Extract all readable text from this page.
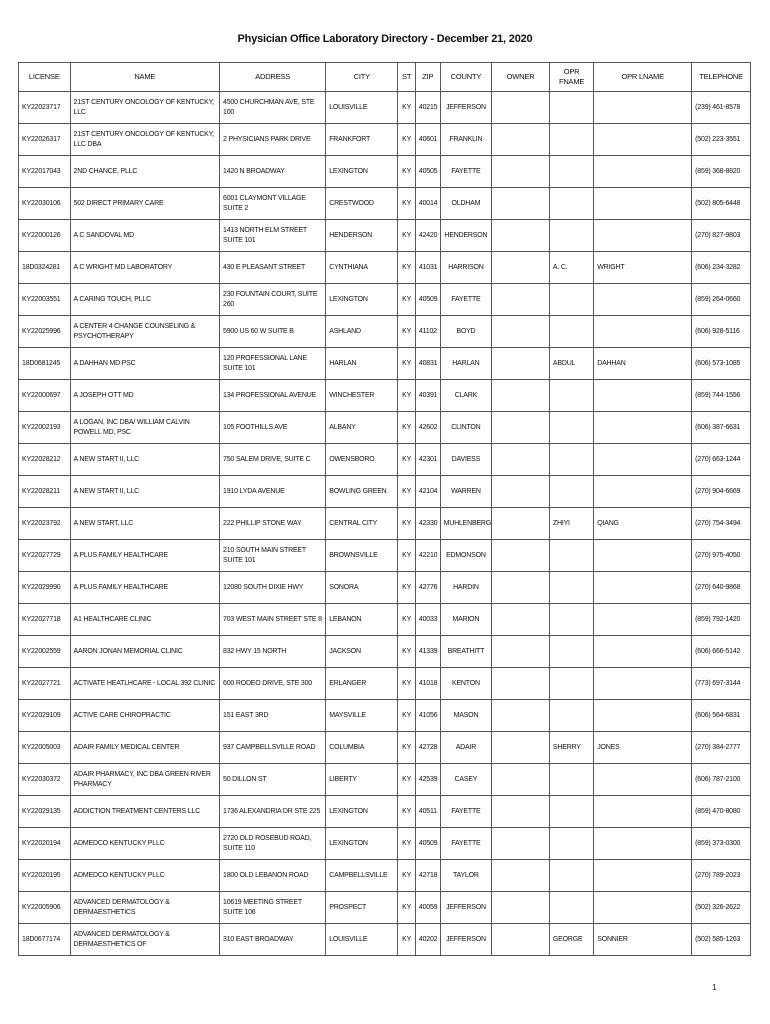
Physician Office Laboratory Directory - December 21, 2020
LICENSE	NAME	ADDRESS	CITY	ST	ZIP	COUNTY	OWNER	OPR FNAME	OPR LNAME	TELEPHONE
KY22023717	21ST CENTURY ONCOLOGY OF KENTUCKY, LLC	4500 CHURCHMAN AVE, STE 100	LOUISVILLE	KY	40215	JEFFERSON				(239) 461-8578
KY22026317	21ST CENTURY ONCOLOGY OF KENTUCKY, LLC DBA	2 PHYSICIANS PARK DRIVE	FRANKFORT	KY	40601	FRANKLIN				(502) 223-3551
KY22017043	2ND CHANCE, PLLC	1420 N BROADWAY	LEXINGTON	KY	40505	FAYETTE				(859) 368-8820
KY22030106	502 DIRECT PRIMARY CARE	6001 CLAYMONT VILLAGE SUITE 2	CRESTWOOD	KY	40014	OLDHAM				(502) 805-6448
KY22000126	A C SANDOVAL MD	1413 NORTH ELM STREET SUITE 101	HENDERSON	KY	42420	HENDERSON				(270) 827-9803
18D0324281	A C WRIGHT MD LABORATORY	430 E PLEASANT STREET	CYNTHIANA	KY	41031	HARRISON		A. C.	WRIGHT	(606) 234-3282
KY22003551	A CARING TOUCH, PLLC	230 FOUNTAIN COURT, SUITE 260	LEXINGTON	KY	40509	FAYETTE				(859) 264-0660
KY22025996	A CENTER 4 CHANGE COUNSELING & PSYCHOTHERAPY	5900 US 60 W SUITE B	ASHLAND	KY	41102	BOYD				(606) 928-5116
18D0681245	A DAHHAN MD PSC	120 PROFESSIONAL LANE SUITE 101	HARLAN	KY	40831	HARLAN		ABDUL	DAHHAN	(606) 573-1085
KY22000697	A JOSEPH OTT MD	134 PROFESSIONAL AVENUE	WINCHESTER	KY	40391	CLARK				(859) 744-1556
KY22002193	A LOGAN, INC DBA/ WILLIAM CALVIN POWELL MD, PSC	105 FOOTHILLS AVE	ALBANY	KY	42602	CLINTON				(606) 387-6631
KY22028212	A NEW START II, LLC	750 SALEM DRIVE, SUITE C	OWENSBORO	KY	42301	DAVIESS				(270) 663-1244
KY22028211	A NEW START II, LLC	1910 LYDA AVENUE	BOWLING GREEN	KY	42104	WARREN				(270) 904-6669
KY22023792	A NEW START, LLC	222 PHILLIP STONE WAY	CENTRAL CITY	KY	42330	MUHLENBERG		ZHIYI	QIANG	(270) 754-3494
KY22027729	A PLUS FAMILY HEALTHCARE	210 SOUTH MAIN STREET SUITE 101	BROWNSVILLE	KY	42210	EDMONSON				(270) 975-4050
KY22029990	A PLUS FAMILY HEALTHCARE	12080 SOUTH DIXIE HWY	SONORA	KY	42776	HARDIN				(270) 640-9868
KY22027718	A1 HEALTHCARE CLINIC	703 WEST MAIN STREET STE 8	LEBANON	KY	40033	MARION				(859) 792-1420
KY22002559	AARON JONAN MEMORIAL CLINIC	832 HWY 15 NORTH	JACKSON	KY	41339	BREATHITT				(606) 666-5142
KY22027721	ACTIVATE HEATLHCARE - LOCAL 392 CLINIC	600 RODEO DRIVE, STE 300	ERLANGER	KY	41018	KENTON				(773) 697-3144
KY22029109	ACTIVE CARE CHIROPRACTIC	151 EAST 3RD	MAYSVILLE	KY	41056	MASON				(606) 564-6831
KY22005003	ADAIR FAMILY MEDICAL CENTER	937 CAMPBELLSVILLE ROAD	COLUMBIA	KY	42728	ADAIR		SHERRY	JONES	(270) 384-2777
KY22030372	ADAIR PHARMACY, INC DBA GREEN RIVER PHARMACY	50 DILLON ST	LIBERTY	KY	42539	CASEY				(606) 787-2100
KY22029135	ADDICTION TREATMENT CENTERS LLC	1736 ALEXANDRIA DR STE 225	LEXINGTON	KY	40511	FAYETTE				(859) 470-8080
KY22020194	ADMEDCO KENTUCKY PLLC	2720 OLD ROSEBUD ROAD, SUITE 110	LEXINGTON	KY	40509	FAYETTE				(859) 373-0300
KY22020195	ADMEDCO KENTUCKY PLLC	1800 OLD LEBANON ROAD	CAMPBELLSVILLE	KY	42718	TAYLOR				(270) 789-2023
KY22005906	ADVANCED DERMATOLOGY & DERMAESTHETICS	10619 MEETING STREET SUITE 106	PROSPECT	KY	40059	JEFFERSON				(502) 326-2622
18D0677174	ADVANCED DERMATOLOGY & DERMAESTHETICS OF	310 EAST BROADWAY	LOUISVILLE	KY	40202	JEFFERSON		GEORGE	SONNIER	(502) 585-1263
1
